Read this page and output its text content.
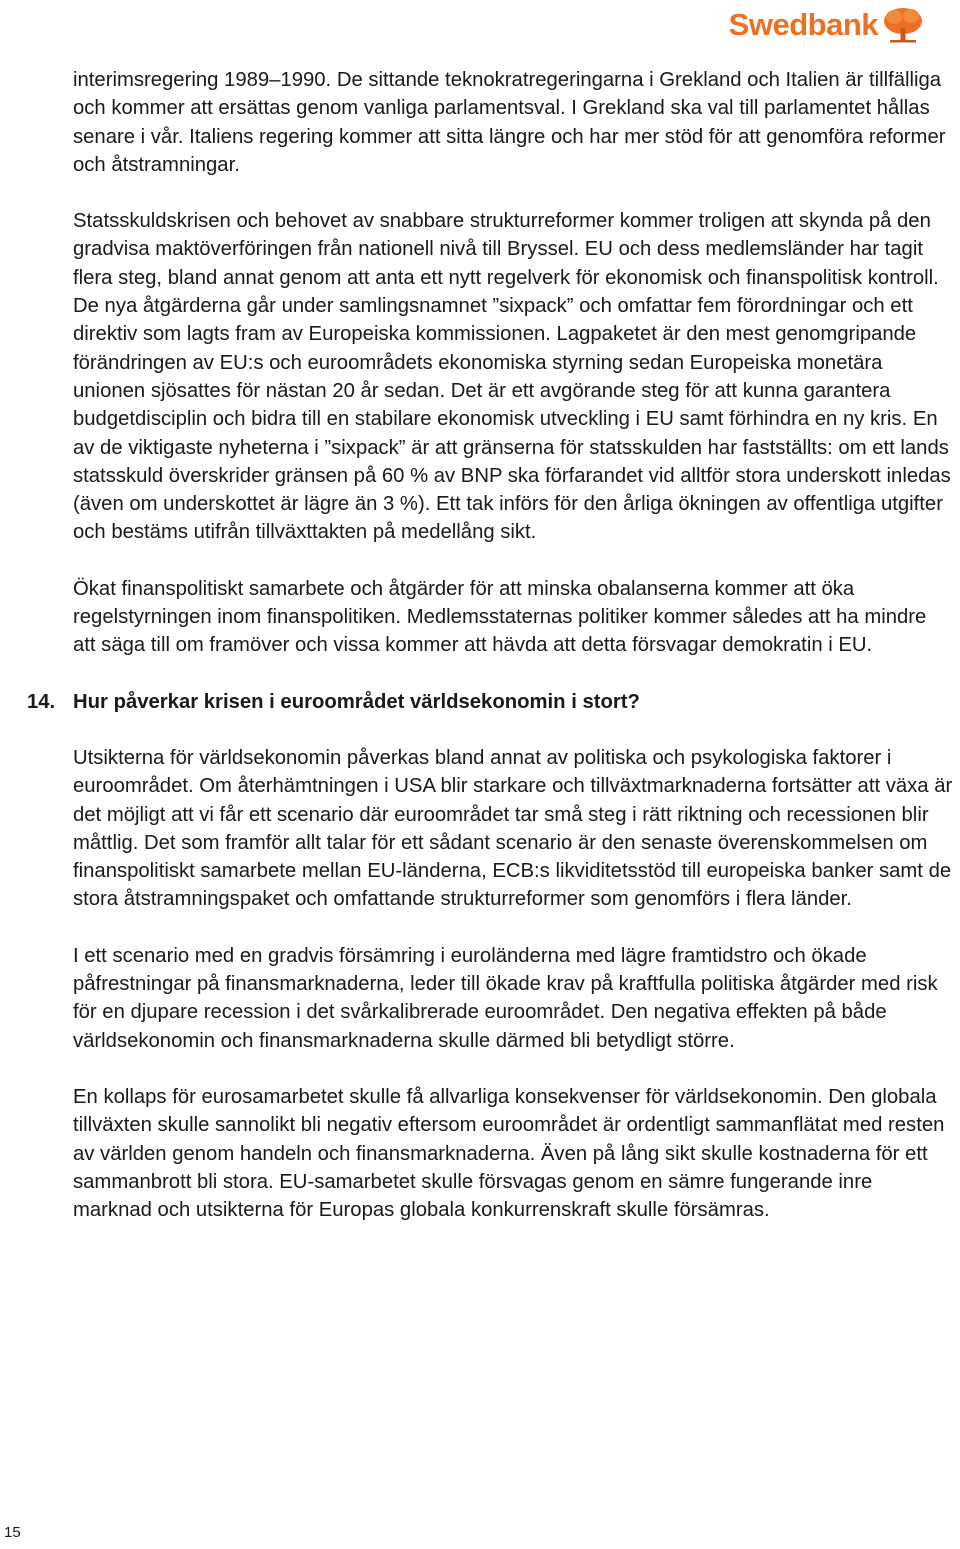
Swedbank

interimsregering 1989–1990. De sittande teknokratregeringarna i Grekland och Italien är tillfälliga och kommer att ersättas genom vanliga parlamentsval. I Grekland ska val till parlamentet hållas senare i vår. Italiens regering kommer att sitta längre och har mer stöd för att genomföra reformer och åtstramningar.

Statsskuldskrisen och behovet av snabbare strukturreformer kommer troligen att skynda på den gradvisa maktöverföringen från nationell nivå till Bryssel. EU och dess medlemsländer har tagit flera steg, bland annat genom att anta ett nytt regelverk för ekonomisk och finanspolitisk kontroll. De nya åtgärderna går under samlingsnamnet ”sixpack” och omfattar fem förordningar och ett direktiv som lagts fram av Europeiska kommissionen. Lagpaketet är den mest genomgripande förändringen av EU:s och euroområdets ekonomiska styrning sedan Europeiska monetära unionen sjösattes för nästan 20 år sedan. Det är ett avgörande steg för att kunna garantera budgetdisciplin och bidra till en stabilare ekonomisk utveckling i EU samt förhindra en ny kris. En av de viktigaste nyheterna i ”sixpack” är att gränserna för statsskulden har fastställts: om ett lands statsskuld överskrider gränsen på 60 % av BNP ska förfarandet vid alltför stora underskott inledas (även om underskottet är lägre än 3 %). Ett tak införs för den årliga ökningen av offentliga utgifter och bestäms utifrån tillväxttakten på medellång sikt.

Ökat finanspolitiskt samarbete och åtgärder för att minska obalanserna kommer att öka regelstyrningen inom finanspolitiken. Medlemsstaternas politiker kommer således att ha mindre att säga till om framöver och vissa kommer att hävda att detta försvagar demokratin i EU.

14. Hur påverkar krisen i euroområdet världsekonomin i stort?

Utsikterna för världsekonomin påverkas bland annat av politiska och psykologiska faktorer i euroområdet. Om återhämtningen i USA blir starkare och tillväxtmarknaderna fortsätter att växa är det möjligt att vi får ett scenario där euroområdet tar små steg i rätt riktning och recessionen blir måttlig. Det som framför allt talar för ett sådant scenario är den senaste överenskommelsen om finanspolitiskt samarbete mellan EU-länderna, ECB:s likviditetsstöd till europeiska banker samt de stora åtstramningspaket och omfattande strukturreformer som genomförs i flera länder.

I ett scenario med en gradvis försämring i euroländerna med lägre framtidstro och ökade påfrestningar på finansmarknaderna, leder till ökade krav på kraftfulla politiska åtgärder med risk för en djupare recession i det svårkalibrerade euroområdet. Den negativa effekten på både världsekonomin och finansmarknaderna skulle därmed bli betydligt större.

En kollaps för eurosamarbetet skulle få allvarliga konsekvenser för världsekonomin. Den globala tillväxten skulle sannolikt bli negativ eftersom euroområdet är ordentligt sammanflätat med resten av världen genom handeln och finansmarknaderna. Även på lång sikt skulle kostnaderna för ett sammanbrott bli stora. EU-samarbetet skulle försvagas genom en sämre fungerande inre marknad och utsikterna för Europas globala konkurrenskraft skulle försämras.

15
